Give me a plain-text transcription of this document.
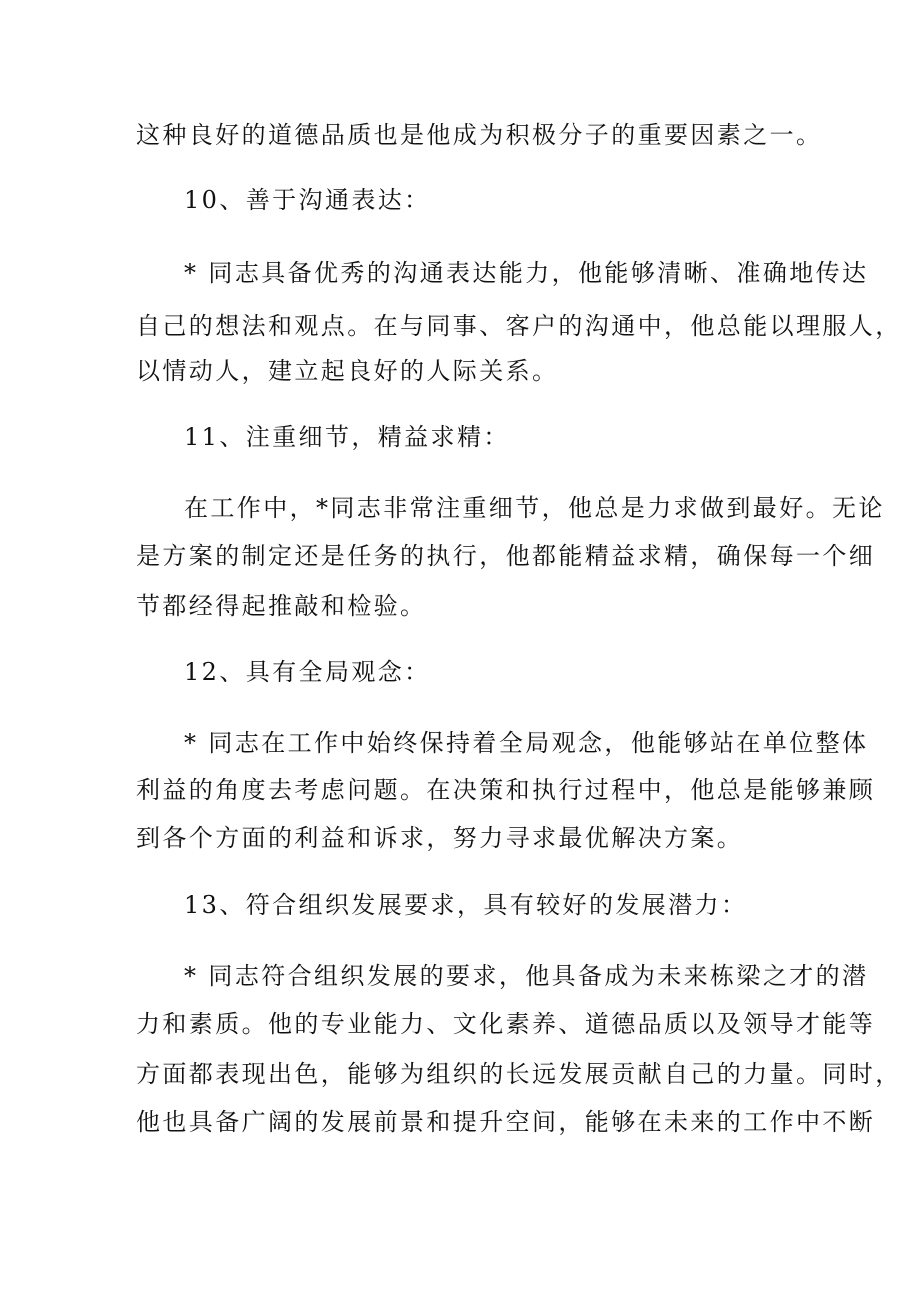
这种良好的道德品质也是他成为积极分子的重要因素之一。
10、善于沟通表达：
* 同志具备优秀的沟通表达能力，他能够清晰、准确地传达
自己的想法和观点。在与同事、客户的沟通中，他总能以理服人，
以情动人，建立起良好的人际关系。
11、注重细节，精益求精：
在工作中，*同志非常注重细节，他总是力求做到最好。无论
是方案的制定还是任务的执行，他都能精益求精，确保每一个细
节都经得起推敲和检验。
12、具有全局观念：
* 同志在工作中始终保持着全局观念，他能够站在单位整体
利益的角度去考虑问题。在决策和执行过程中，他总是能够兼顾
到各个方面的利益和诉求，努力寻求最优解决方案。
13、符合组织发展要求，具有较好的发展潜力：
* 同志符合组织发展的要求，他具备成为未来栋梁之才的潜
力和素质。他的专业能力、文化素养、道德品质以及领导才能等
方面都表现出色，能够为组织的长远发展贡献自己的力量。同时，
他也具备广阔的发展前景和提升空间，能够在未来的工作中不断
